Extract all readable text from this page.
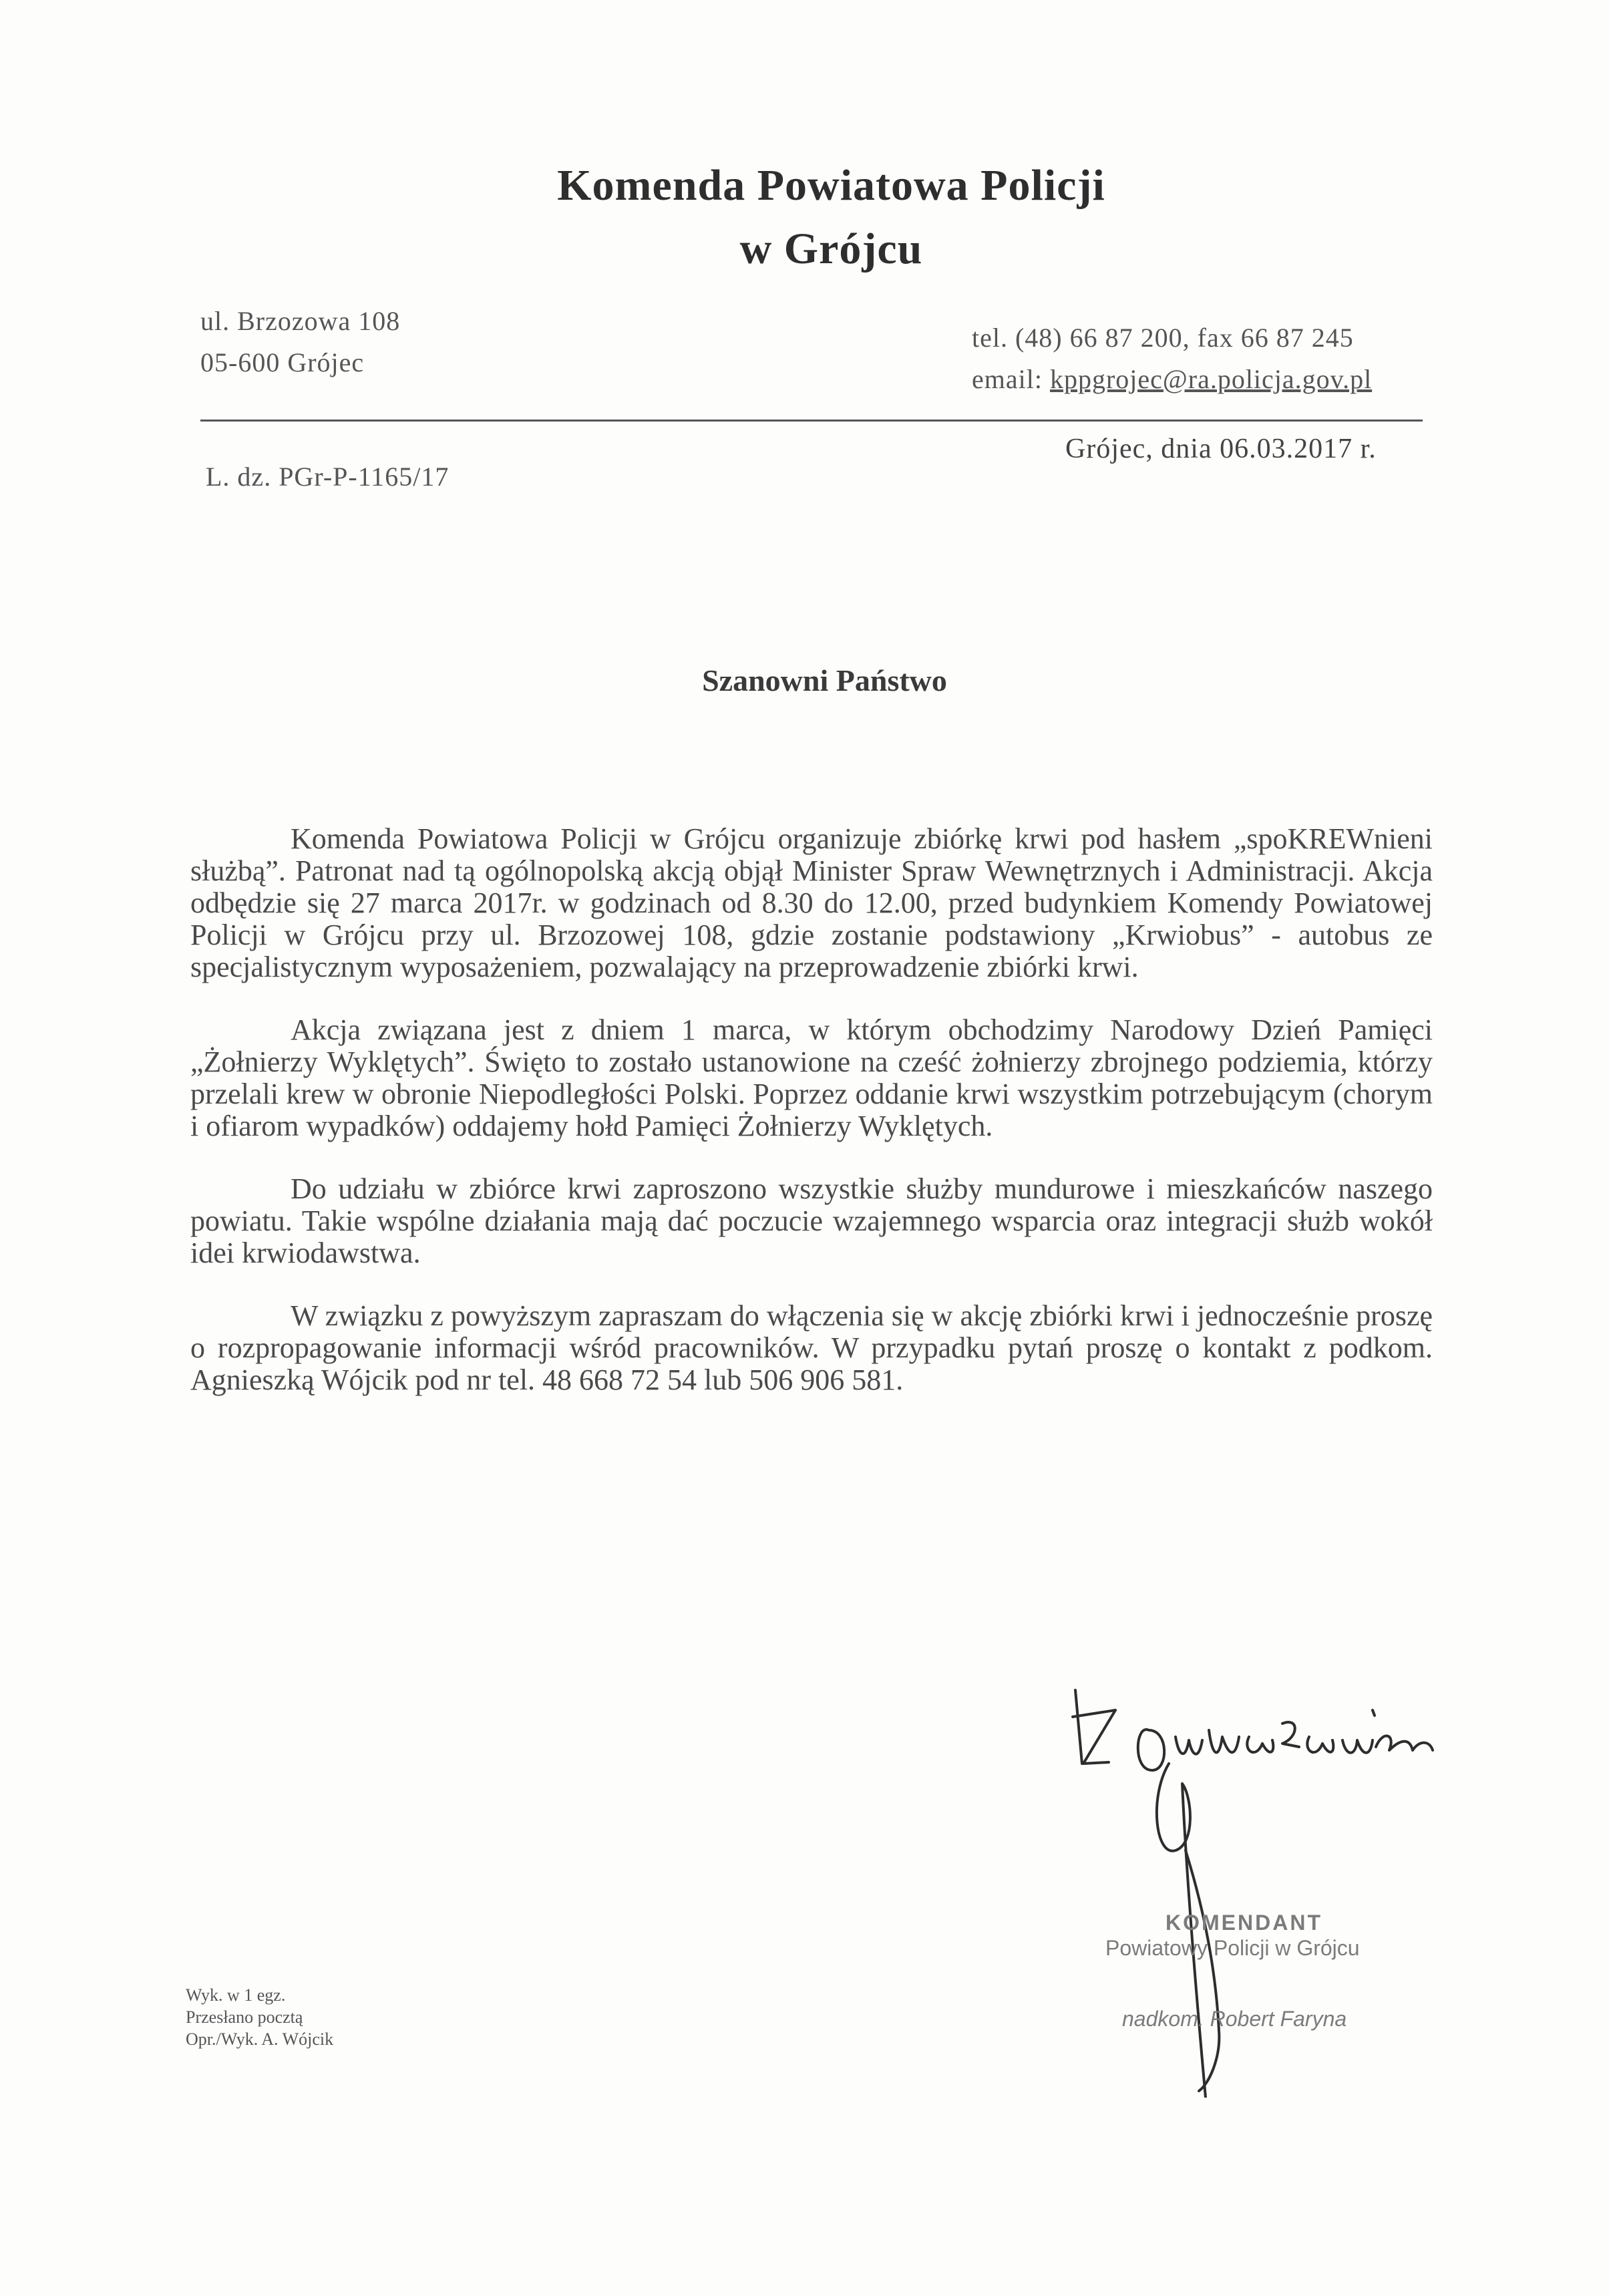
Komenda Powiatowa Policji
w Grójcu
ul. Brzozowa 108
05-600 Grójec
tel. (48) 66 87 200, fax 66 87 245
email: kppgrojec@ra.policja.gov.pl
Grójec, dnia 06.03.2017 r.
L. dz. PGr-P-1165/17
Szanowni Państwo

Komenda Powiatowa Policji w Grójcu organizuje zbiórkę krwi pod hasłem „spoKREWnieni służbą”. Patronat nad tą ogólnopolską akcją objął Minister Spraw Wewnętrznych i Administracji. Akcja odbędzie się 27 marca 2017r. w godzinach od 8.30 do 12.00, przed budynkiem Komendy Powiatowej Policji w Grójcu przy ul. Brzozowej 108, gdzie zostanie podstawiony „Krwiobus” - autobus ze specjalistycznym wyposażeniem, pozwalający na przeprowadzenie zbiórki krwi.

Akcja związana jest z dniem 1 marca, w którym obchodzimy Narodowy Dzień Pamięci „Żołnierzy Wyklętych”. Święto to zostało ustanowione na cześć żołnierzy zbrojnego podziemia, którzy przelali krew w obronie Niepodległości Polski. Poprzez oddanie krwi wszystkim potrzebującym (chorym i ofiarom wypadków) oddajemy hołd Pamięci Żołnierzy Wyklętych.

Do udziału w zbiórce krwi zaproszono wszystkie służby mundurowe i mieszkańców naszego powiatu. Takie wspólne działania mają dać poczucie wzajemnego wsparcia oraz integracji służb wokół idei krwiodawstwa.

W związku z powyższym zapraszam do włączenia się w akcję zbiórki krwi i jednocześnie proszę o rozpropagowanie informacji wśród pracowników. W przypadku pytań proszę o kontakt z podkom. Agnieszką Wójcik pod nr tel. 48 668 72 54 lub 506 906 581.

KOMENDANT
Powiatowy Policji w Grójcu
nadkom. Robert Faryna
Wyk. w 1 egz.
Przesłano pocztą
Opr./Wyk. A. Wójcik
